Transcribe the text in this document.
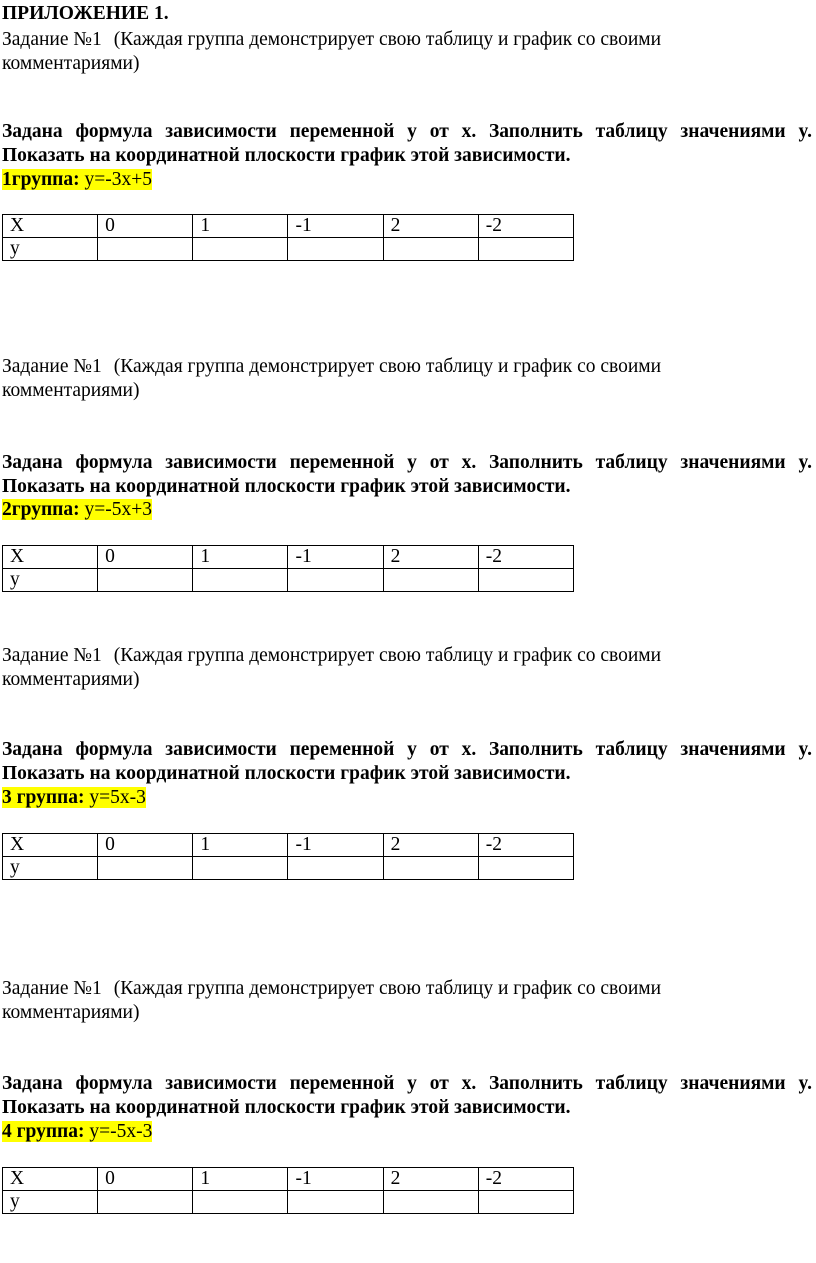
ПРИЛОЖЕНИЕ 1.
Задание №1 (Каждая группа демонстрирует свою таблицу и график со своими
комментариями)
Задана формула зависимости переменной y от x. Заполнить таблицу значениями y.
Показать на координатной плоскости график этой зависимости.
1группа: y=-3x+5
X	0	1	-1	2	-2
y					
Задание №1 (Каждая группа демонстрирует свою таблицу и график со своими
комментариями)
Задана формула зависимости переменной y от x. Заполнить таблицу значениями y.
Показать на координатной плоскости график этой зависимости.
2группа: y=-5x+3
X	0	1	-1	2	-2
y					
Задание №1 (Каждая группа демонстрирует свою таблицу и график со своими
комментариями)
Задана формула зависимости переменной y от x. Заполнить таблицу значениями y.
Показать на координатной плоскости график этой зависимости.
3 группа: y=5x-3
X	0	1	-1	2	-2
y					
Задание №1 (Каждая группа демонстрирует свою таблицу и график со своими
комментариями)
Задана формула зависимости переменной y от x. Заполнить таблицу значениями y.
Показать на координатной плоскости график этой зависимости.
4 группа: y=-5x-3
X	0	1	-1	2	-2
y					
